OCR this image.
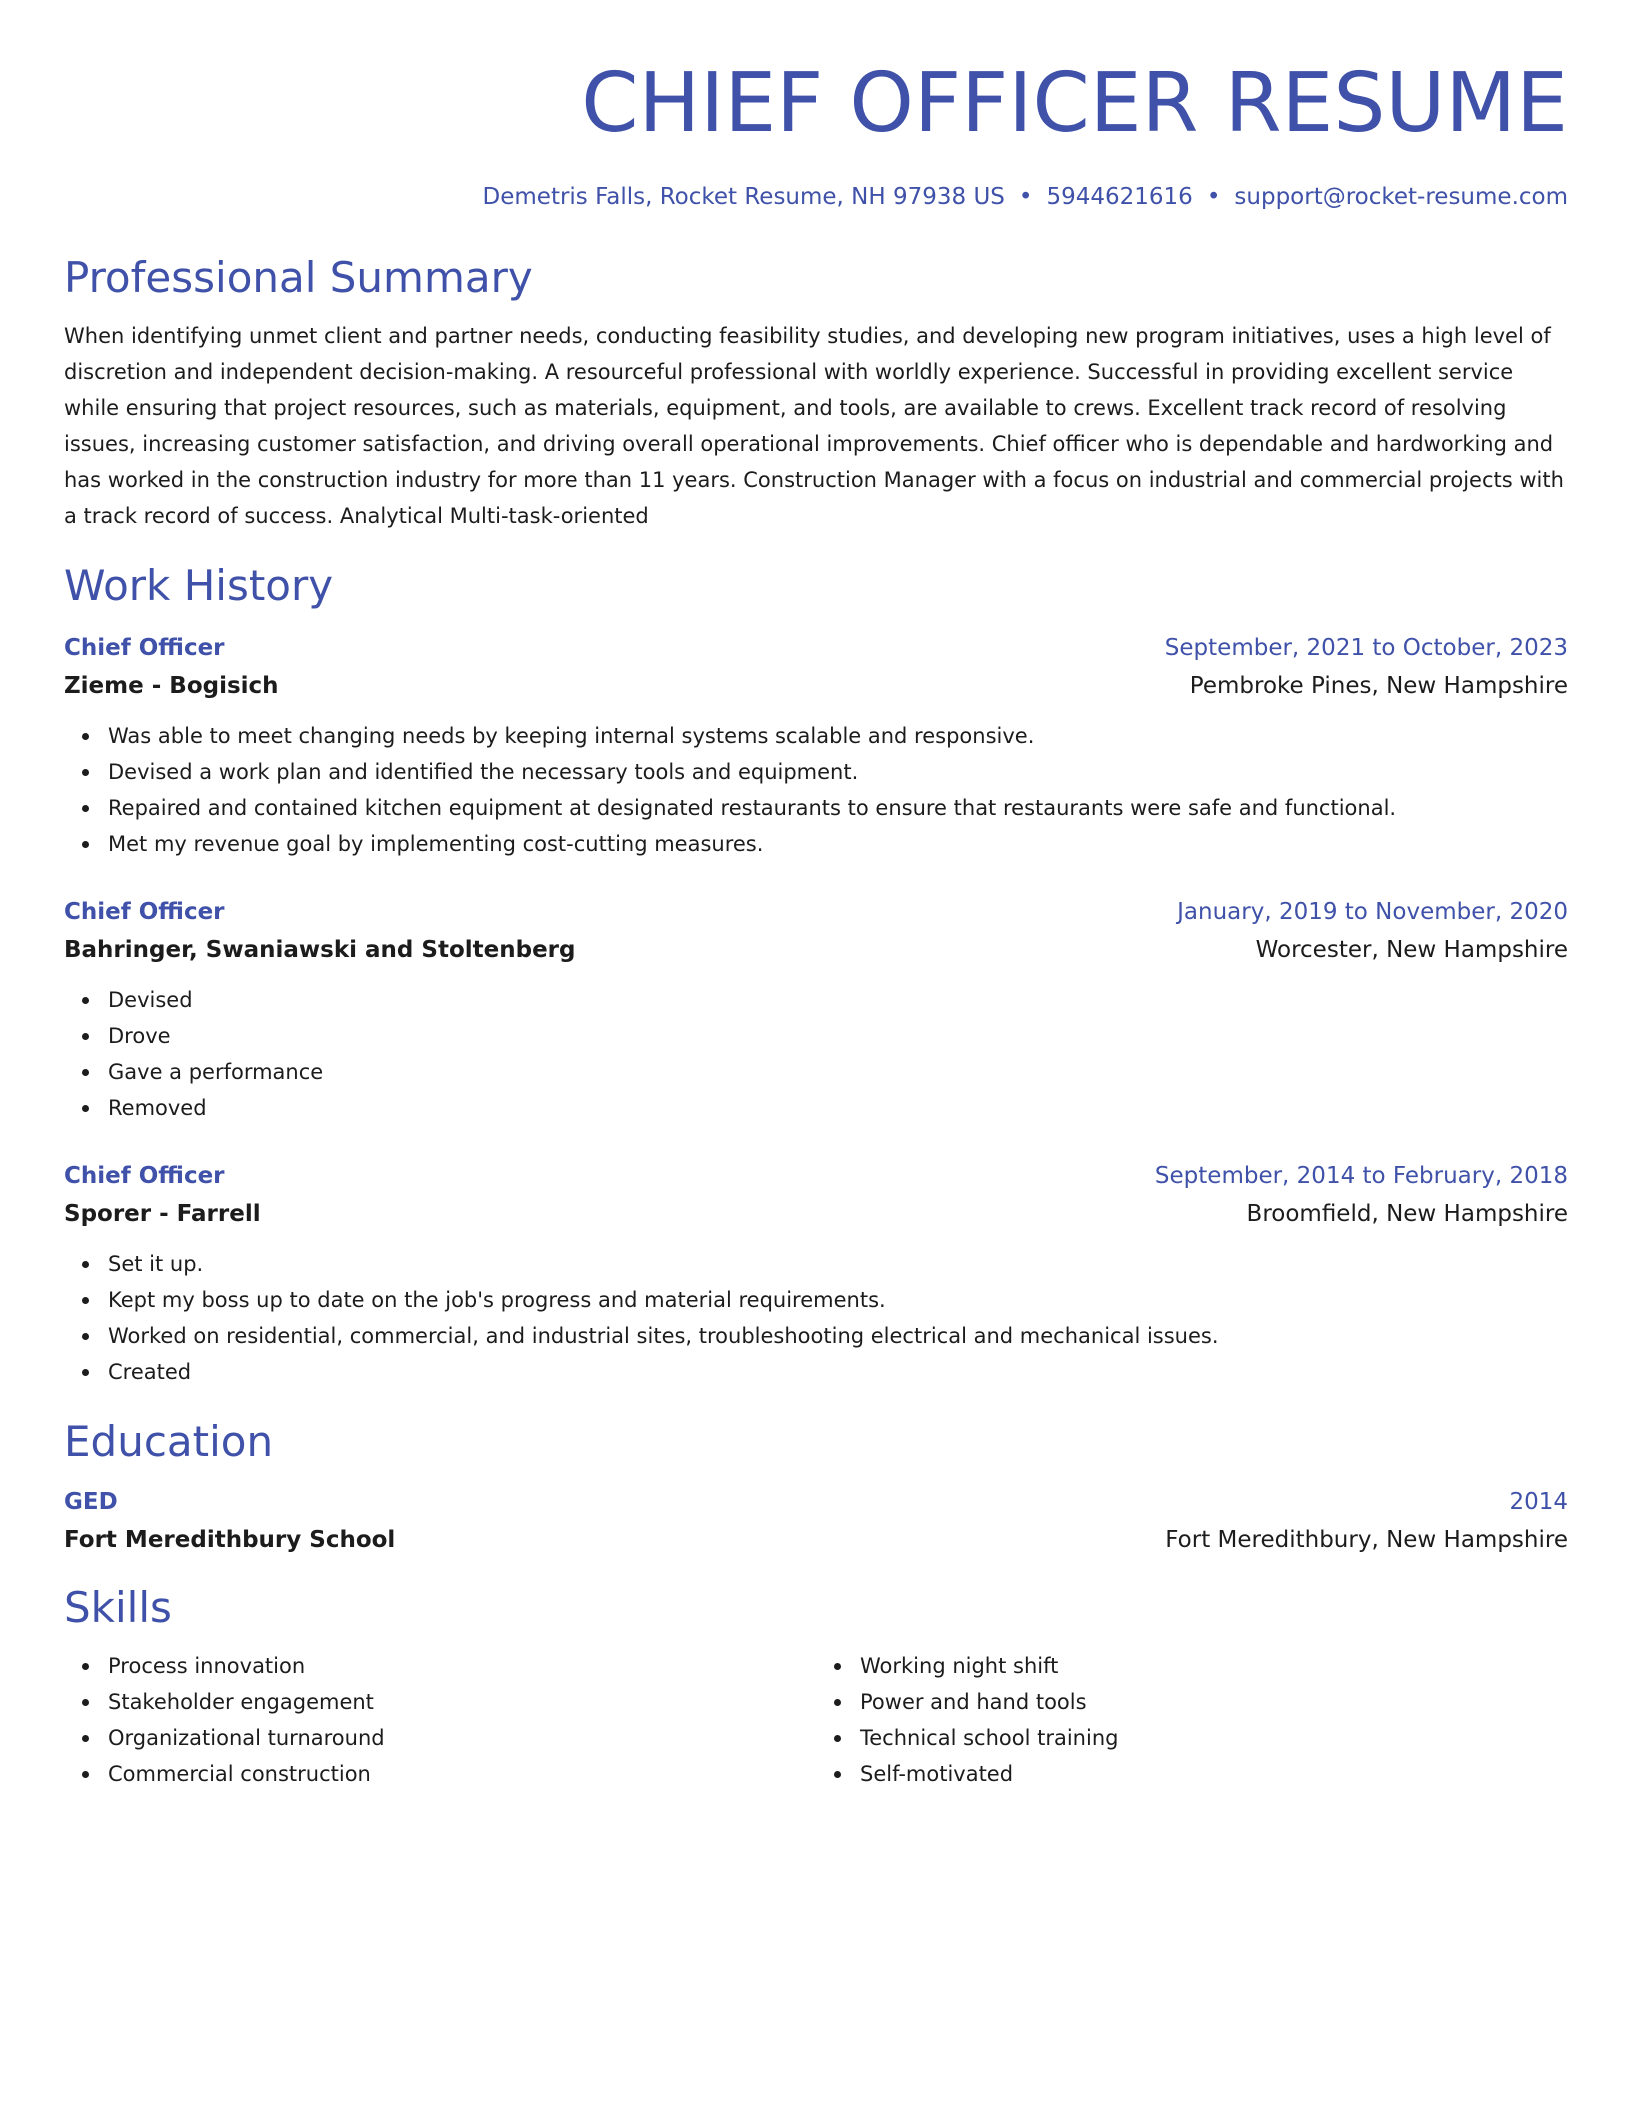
CHIEF OFFICER RESUME
Demetris Falls, Rocket Resume, NH 97938 US • 5944621616 • support@rocket-resume.com
Professional Summary
When identifying unmet client and partner needs, conducting feasibility studies, and developing new program initiatives, uses a high level of discretion and independent decision-making. A resourceful professional with worldly experience. Successful in providing excellent service while ensuring that project resources, such as materials, equipment, and tools, are available to crews. Excellent track record of resolving issues, increasing customer satisfaction, and driving overall operational improvements. Chief officer who is dependable and hardworking and has worked in the construction industry for more than 11 years. Construction Manager with a focus on industrial and commercial projects with a track record of success. Analytical Multi-task-oriented
Work History
Chief Officer	September, 2021 to October, 2023
Zieme - Bogisich	Pembroke Pines, New Hampshire
Was able to meet changing needs by keeping internal systems scalable and responsive.
Devised a work plan and identified the necessary tools and equipment.
Repaired and contained kitchen equipment at designated restaurants to ensure that restaurants were safe and functional.
Met my revenue goal by implementing cost-cutting measures.
Chief Officer	January, 2019 to November, 2020
Bahringer, Swaniawski and Stoltenberg	Worcester, New Hampshire
Devised
Drove
Gave a performance
Removed
Chief Officer	September, 2014 to February, 2018
Sporer - Farrell	Broomfield, New Hampshire
Set it up.
Kept my boss up to date on the job's progress and material requirements.
Worked on residential, commercial, and industrial sites, troubleshooting electrical and mechanical issues.
Created
Education
GED	2014
Fort Meredithbury School	Fort Meredithbury, New Hampshire
Skills
Process innovation
Stakeholder engagement
Organizational turnaround
Commercial construction
Working night shift
Power and hand tools
Technical school training
Self-motivated
